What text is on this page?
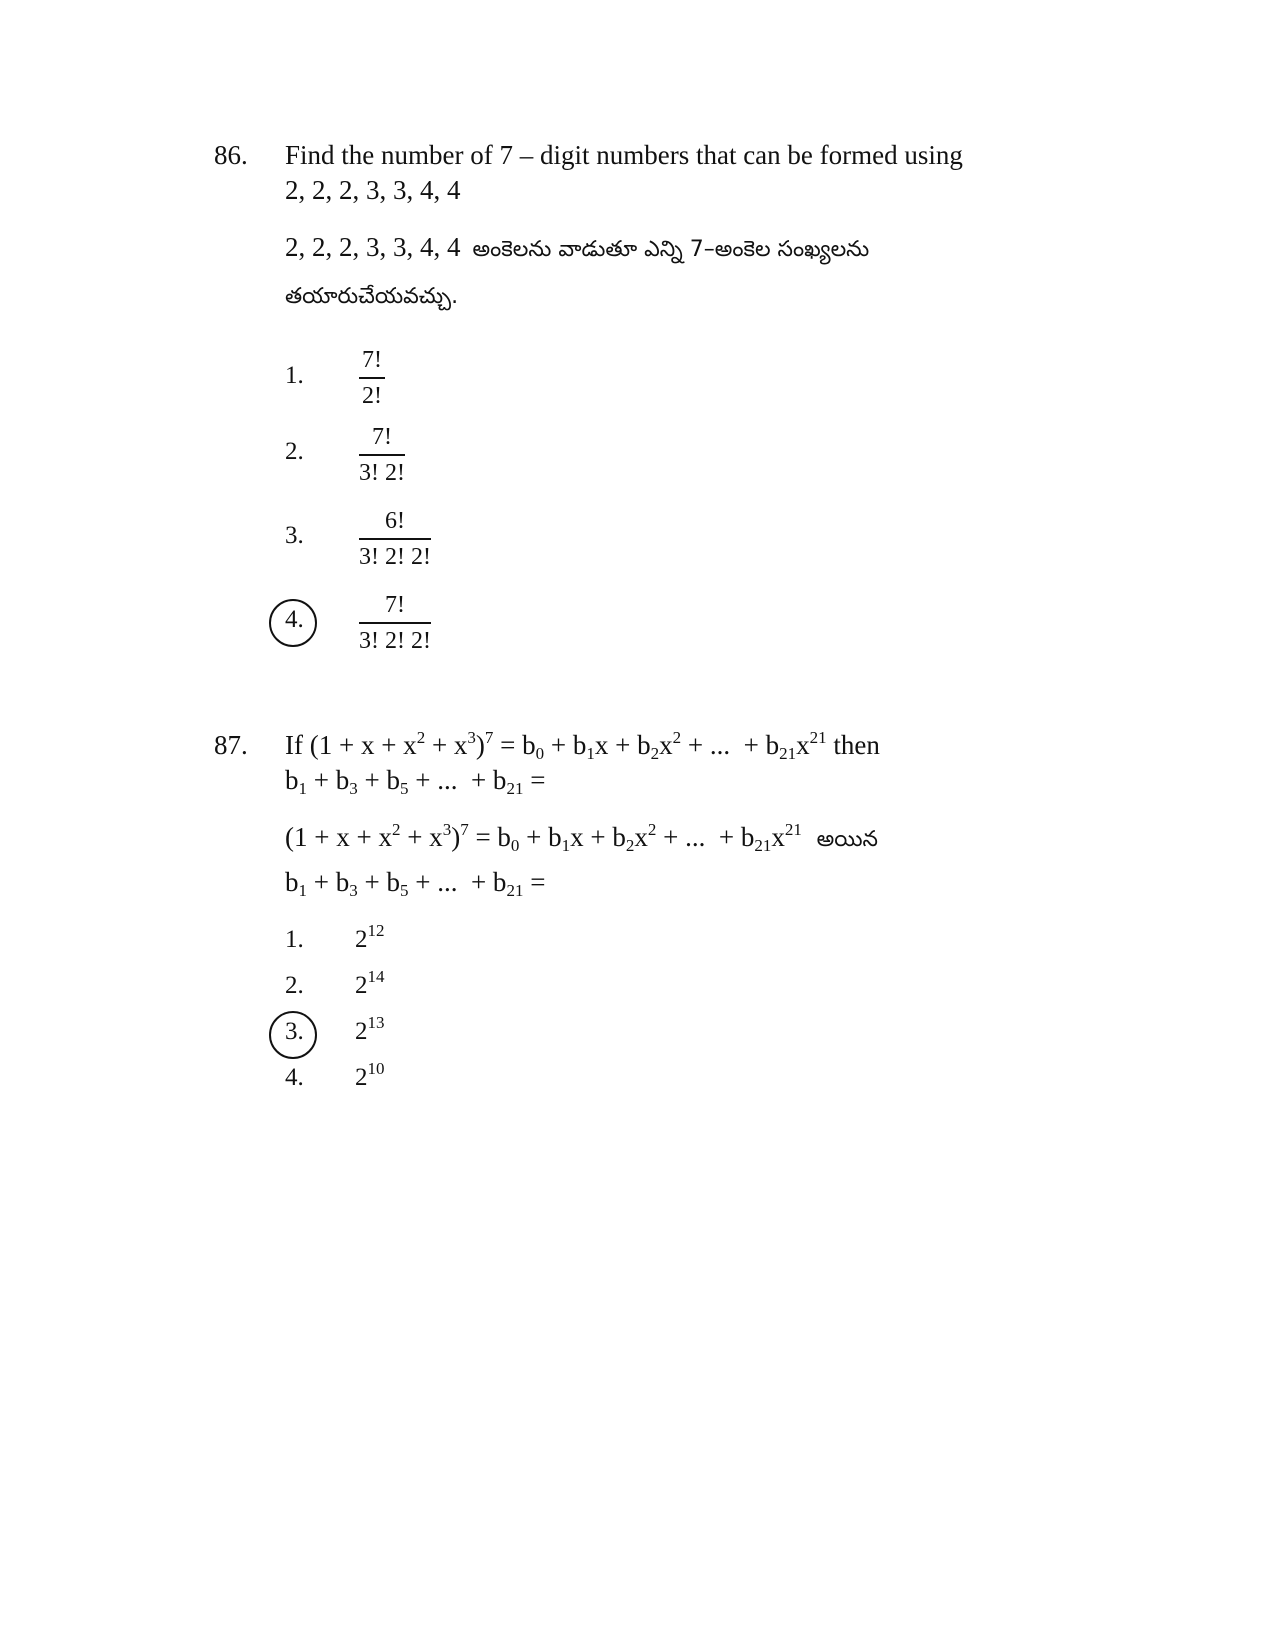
86. Find the number of 7 – digit numbers that can be formed using
2, 2, 2, 3, 3, 4, 4
2, 2, 2, 3, 3, 4, 4 అంకెలను వాడుతూ ఎన్ని 7–అంకెల సంఖ్యలను
తయారుచేయవచ్చు.
1.
7!
2!
2.
7!
3! 2!
3.
6!
3! 2! 2!
4.
7!
3! 2! 2!
87. If $(1 + x + x^2 + x^3)^7 = b_0 + b_1x + b_2x^2$ + ...  + $b_{21}x^{21}$ then
$b_1 + b_3 + b_5$ + ...  + $b_{21}$ =
$(1 + x + x^2 + x^3)^7 = b_0 + b_1x + b_2x^2$ + ...  + $b_{21}x^{21}$ అయిన
$b_1 + b_3 + b_5$ + ...  + $b_{21}$ =
1. $2^{12}$
2. $2^{14}$
3. $2^{13}$
4. $2^{10}$
